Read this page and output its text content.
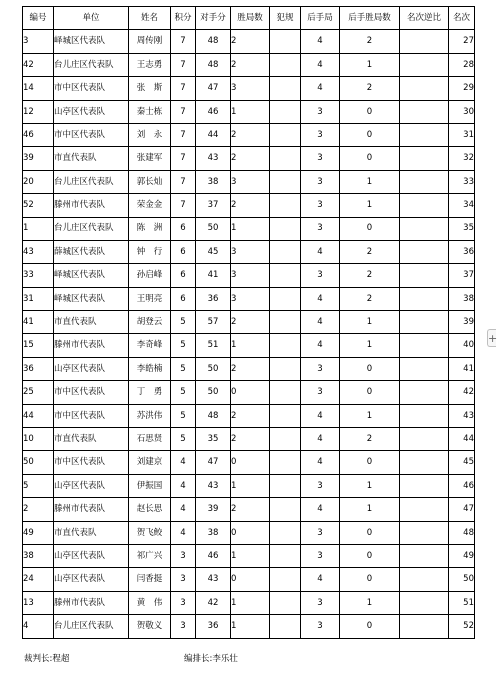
编号	单位	姓名	积分	对手分	胜局数	犯规	后手局	后手胜局数	名次逆比	名次
3	峄城区代表队	周传刚	7	48	2		4	2		27
42	台儿庄区代表队	王志勇	7	48	2		4	1		28
14	市中区代表队	张　斯	7	47	3		4	2		29
12	山亭区代表队	秦士栋	7	46	1		3	0		30
46	市中区代表队	刘　永	7	44	2		3	0		31
39	市直代表队	张建军	7	43	2		3	0		32
20	台儿庄区代表队	郭长灿	7	38	3		3	1		33
52	滕州市代表队	荣金金	7	37	2		3	1		34
1	台儿庄区代表队	陈　洲	6	50	1		3	0		35
43	薛城区代表队	钟　行	6	45	3		4	2		36
33	峄城区代表队	孙启峰	6	41	3		3	2		37
31	峄城区代表队	王明亮	6	36	3		4	2		38
41	市直代表队	胡登云	5	57	2		4	1		39
15	滕州市代表队	李奇峰	5	51	1		4	1		40
36	山亭区代表队	李皓楠	5	50	2		3	0		41
25	市中区代表队	丁　勇	5	50	0		3	0		42
44	市中区代表队	苏洪伟	5	48	2		4	1		43
10	市直代表队	石思贤	5	35	2		4	2		44
50	市中区代表队	刘建京	4	47	0		4	0		45
5	山亭区代表队	伊振国	4	43	1		3	1		46
2	滕州市代表队	赵长思	4	39	2		4	1		47
49	市直代表队	贺飞鲛	4	38	0		3	0		48
38	山亭区代表队	祁广兴	3	46	1		3	0		49
24	山亭区代表队	闫香挺	3	43	0		4	0		50
13	滕州市代表队	黄　伟	3	42	1		3	1		51
4	台儿庄区代表队	贺敬义	3	36	1		3	0		52
裁判长:程超	编排长:李乐壮
+
